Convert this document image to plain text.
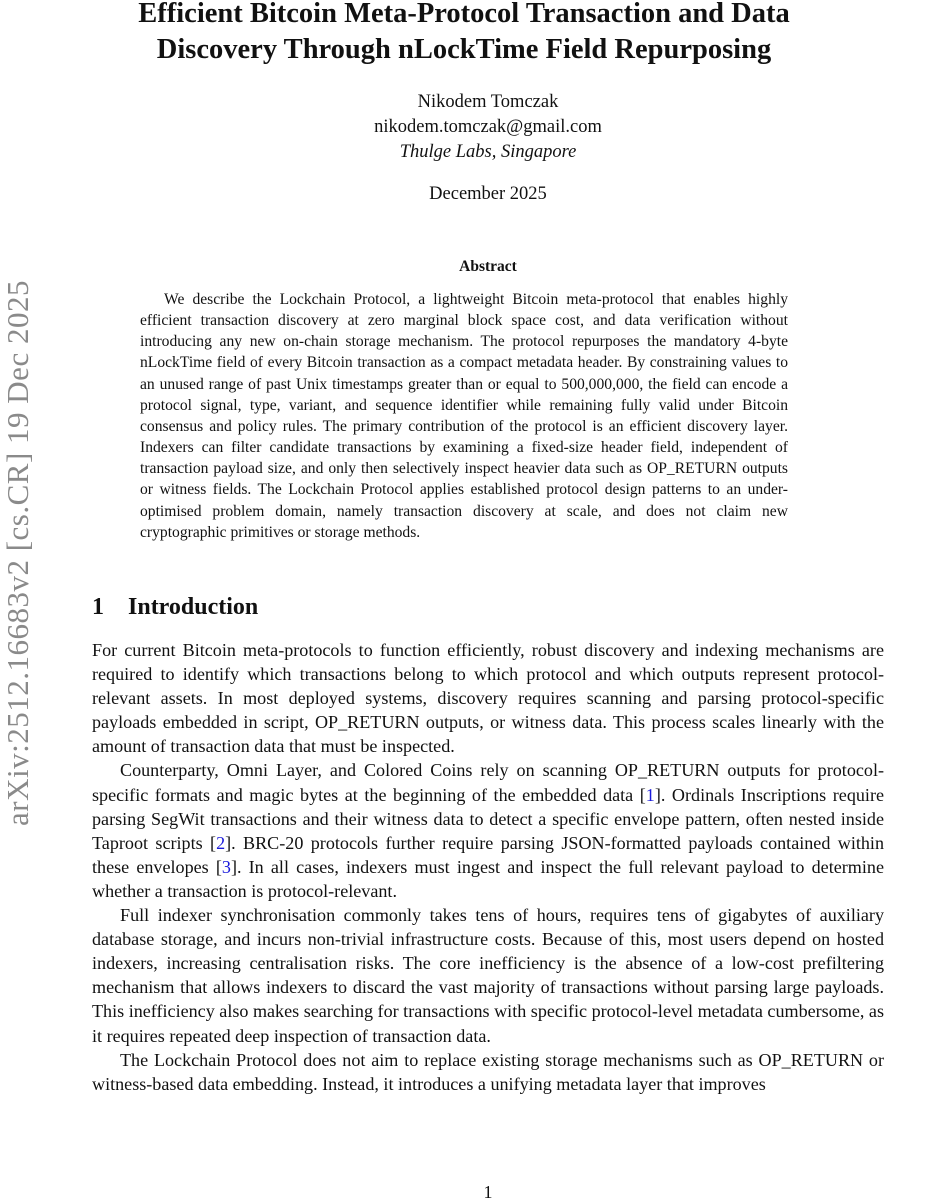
arXiv:2512.16683v2 [cs.CR] 19 Dec 2025
Efficient Bitcoin Meta-Protocol Transaction and Data
Discovery Through nLockTime Field Repurposing
Nikodem Tomczak
nikodem.tomczak@gmail.com
Thulge Labs, Singapore
December 2025
Abstract
We describe the Lockchain Protocol, a lightweight Bitcoin meta-protocol that enables highly efficient transaction discovery at zero marginal block space cost, and data verification without introducing any new on-chain storage mechanism. The protocol repurposes the mandatory 4-byte nLockTime field of every Bitcoin transaction as a compact metadata header. By constraining values to an unused range of past Unix timestamps greater than or equal to 500,000,000, the field can encode a protocol signal, type, variant, and sequence identifier while remaining fully valid under Bitcoin consensus and policy rules. The primary contribution of the protocol is an efficient discovery layer. Indexers can filter candidate transactions by examining a fixed-size header field, independent of transaction payload size, and only then selectively inspect heavier data such as OP_RETURN outputs or witness fields. The Lockchain Protocol applies established protocol design patterns to an under-optimised problem domain, namely transaction discovery at scale, and does not claim new cryptographic primitives or storage methods.
1 Introduction

For current Bitcoin meta-protocols to function efficiently, robust discovery and indexing mechanisms are required to identify which transactions belong to which protocol and which outputs represent protocol-relevant assets. In most deployed systems, discovery requires scanning and parsing protocol-specific payloads embedded in script, OP_RETURN outputs, or witness data. This process scales linearly with the amount of transaction data that must be inspected.

Counterparty, Omni Layer, and Colored Coins rely on scanning OP_RETURN outputs for protocol-specific formats and magic bytes at the beginning of the embedded data [1]. Ordinals Inscriptions require parsing SegWit transactions and their witness data to detect a specific envelope pattern, often nested inside Taproot scripts [2]. BRC-20 protocols further require parsing JSON-formatted payloads contained within these envelopes [3]. In all cases, indexers must ingest and inspect the full relevant payload to determine whether a transaction is protocol-relevant.

Full indexer synchronisation commonly takes tens of hours, requires tens of gigabytes of auxiliary database storage, and incurs non-trivial infrastructure costs. Because of this, most users depend on hosted indexers, increasing centralisation risks. The core inefficiency is the absence of a low-cost prefiltering mechanism that allows indexers to discard the vast majority of transactions without parsing large payloads. This inefficiency also makes searching for transactions with specific protocol-level metadata cumbersome, as it requires repeated deep inspection of transaction data.

The Lockchain Protocol does not aim to replace existing storage mechanisms such as OP_RETURN or witness-based data embedding. Instead, it introduces a unifying metadata layer that improves

1
